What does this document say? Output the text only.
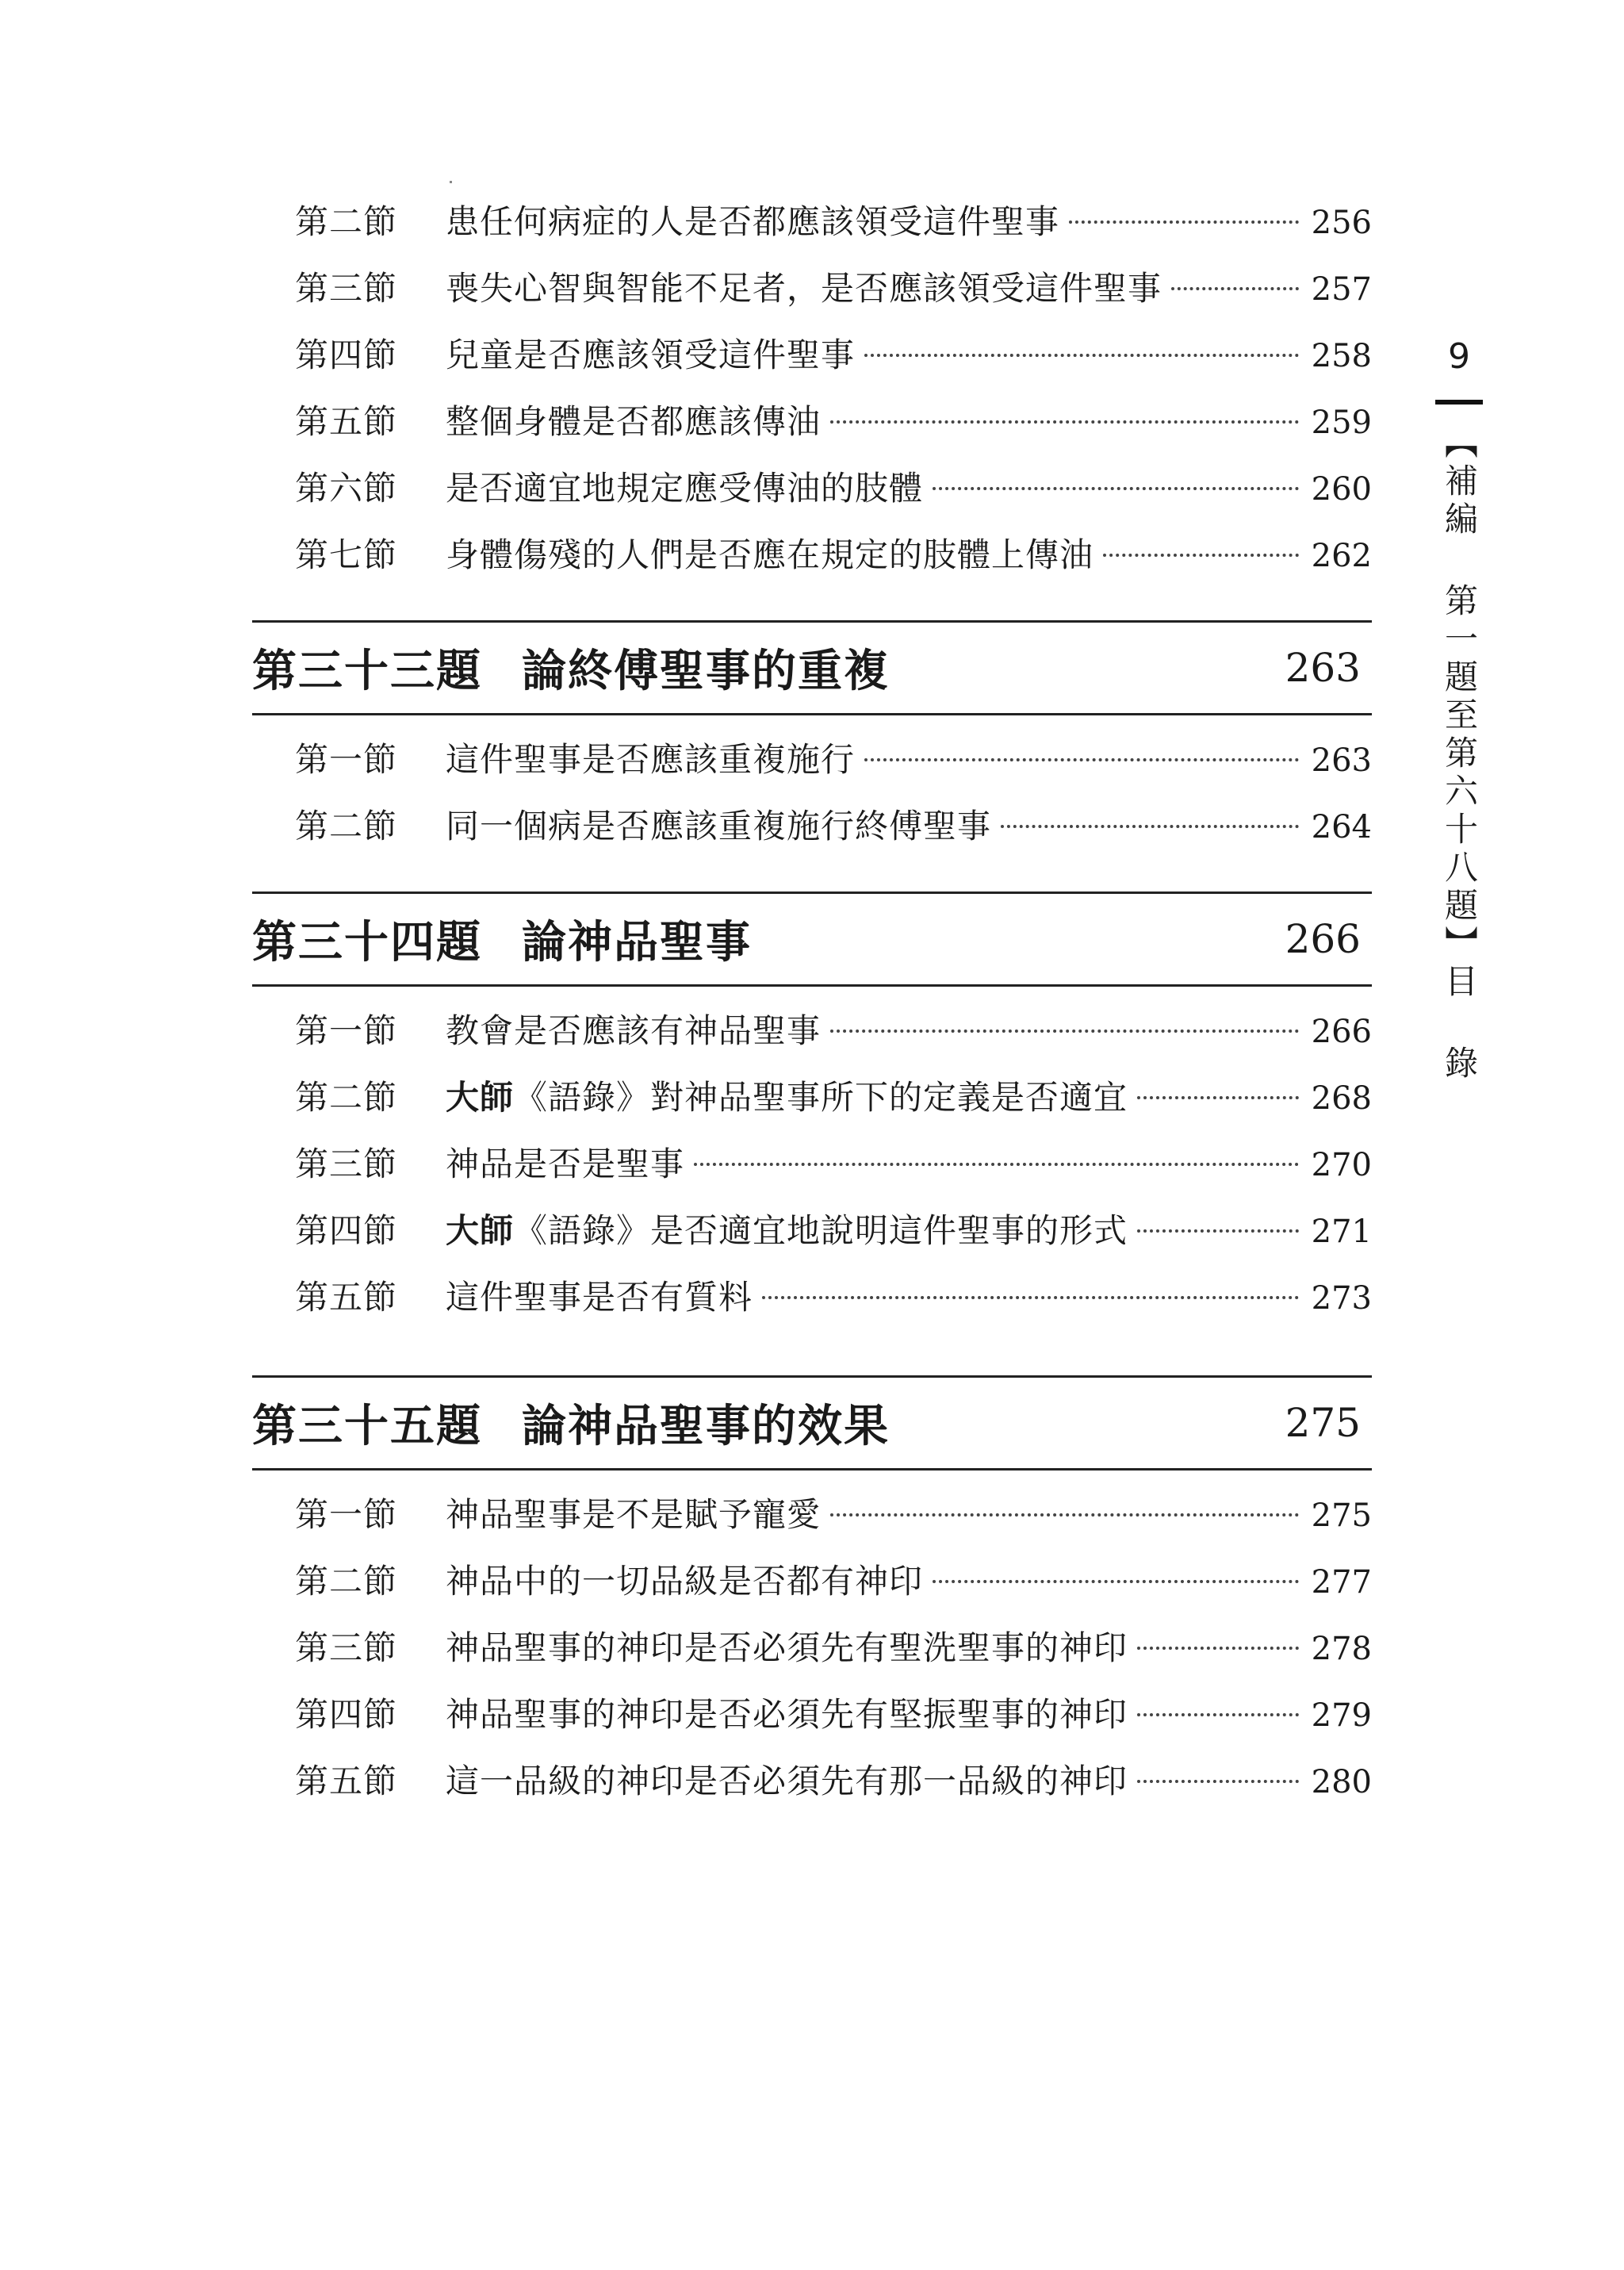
第二節	患任何病症的人是否都應該領受這件聖事	256
第三節	喪失心智與智能不足者，是否應該領受這件聖事	257
第四節	兒童是否應該領受這件聖事	258
第五節	整個身體是否都應該傳油	259
第六節	是否適宜地規定應受傳油的肢體	260
第七節	身體傷殘的人們是否應在規定的肢體上傳油	262
第三十三題 論終傅聖事的重複	263
第一節	這件聖事是否應該重複施行	263
第二節	同一個病是否應該重複施行終傅聖事	264
第三十四題 論神品聖事	266
第一節	教會是否應該有神品聖事	266
第二節	大師《語錄》對神品聖事所下的定義是否適宜	268
第三節	神品是否是聖事	270
第四節	大師《語錄》是否適宜地說明這件聖事的形式	271
第五節	這件聖事是否有質料	273
第三十五題 論神品聖事的效果	275
第一節	神品聖事是不是賦予寵愛	275
第二節	神品中的一切品級是否都有神印	277
第三節	神品聖事的神印是否必須先有聖洗聖事的神印	278
第四節	神品聖事的神印是否必須先有堅振聖事的神印	279
第五節	這一品級的神印是否必須先有那一品級的神印	280
9
【補編 第一題至第六十八題】目 錄
